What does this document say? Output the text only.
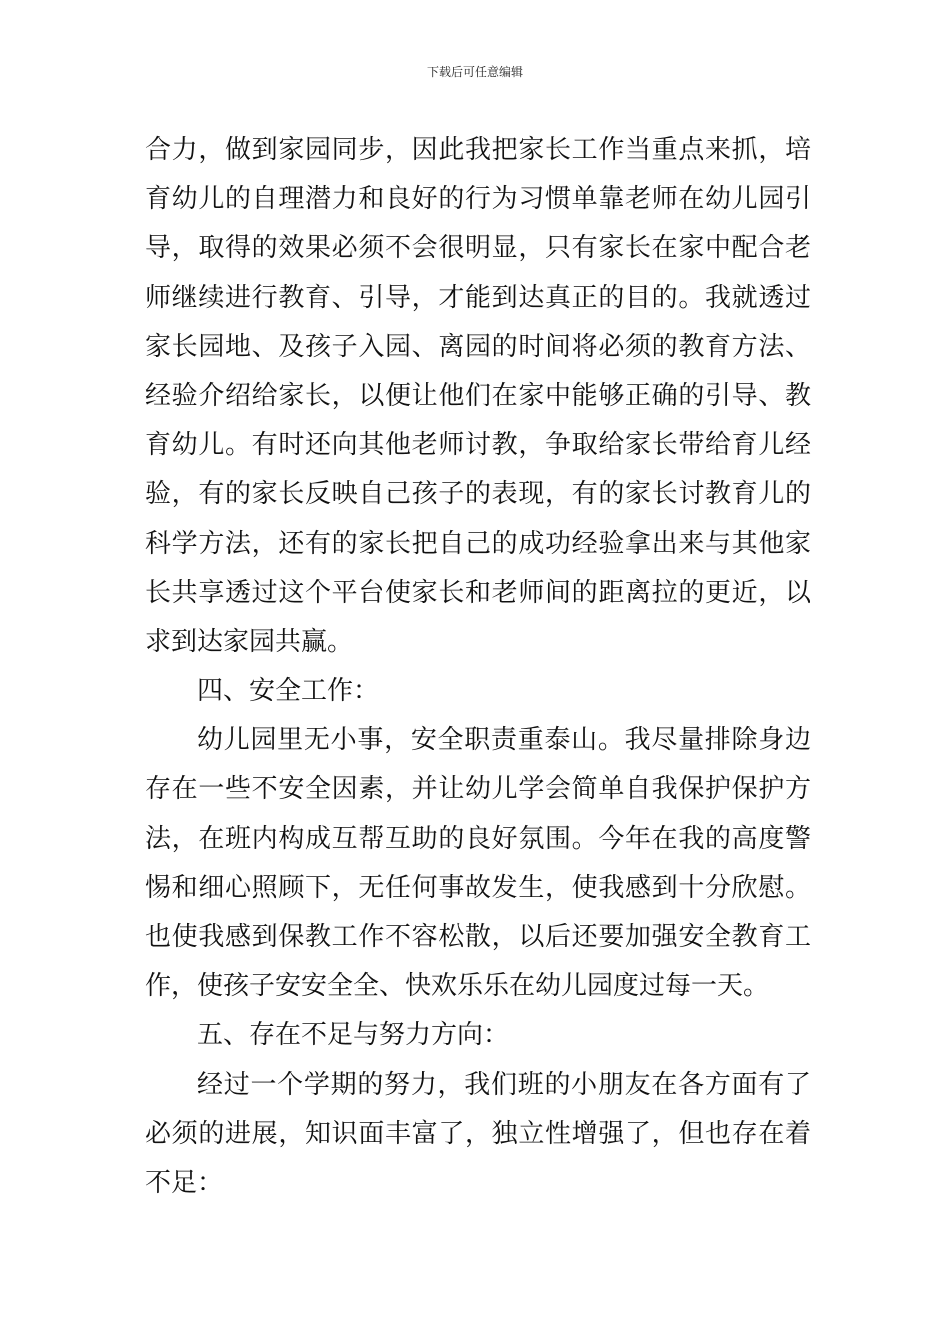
下载后可任意编辑
合力，做到家园同步，因此我把家长工作当重点来抓，培
育幼儿的自理潜力和良好的行为习惯单靠老师在幼儿园引
导，取得的效果必须不会很明显，只有家长在家中配合老
师继续进行教育、引导，才能到达真正的目的。我就透过
家长园地、及孩子入园、离园的时间将必须的教育方法、
经验介绍给家长，以便让他们在家中能够正确的引导、教
育幼儿。有时还向其他老师讨教，争取给家长带给育儿经
验，有的家长反映自己孩子的表现，有的家长讨教育儿的
科学方法，还有的家长把自己的成功经验拿出来与其他家
长共享透过这个平台使家长和老师间的距离拉的更近，以
求到达家园共赢。
四、安全工作：
幼儿园里无小事，安全职责重泰山。我尽量排除身边
存在一些不安全因素，并让幼儿学会简单自我保护保护方
法，在班内构成互帮互助的良好氛围。今年在我的高度警
惕和细心照顾下，无任何事故发生，使我感到十分欣慰。
也使我感到保教工作不容松散，以后还要加强安全教育工
作，使孩子安安全全、快欢乐乐在幼儿园度过每一天。
五、存在不足与努力方向：
经过一个学期的努力，我们班的小朋友在各方面有了
必须的进展，知识面丰富了，独立性增强了，但也存在着
不足：
